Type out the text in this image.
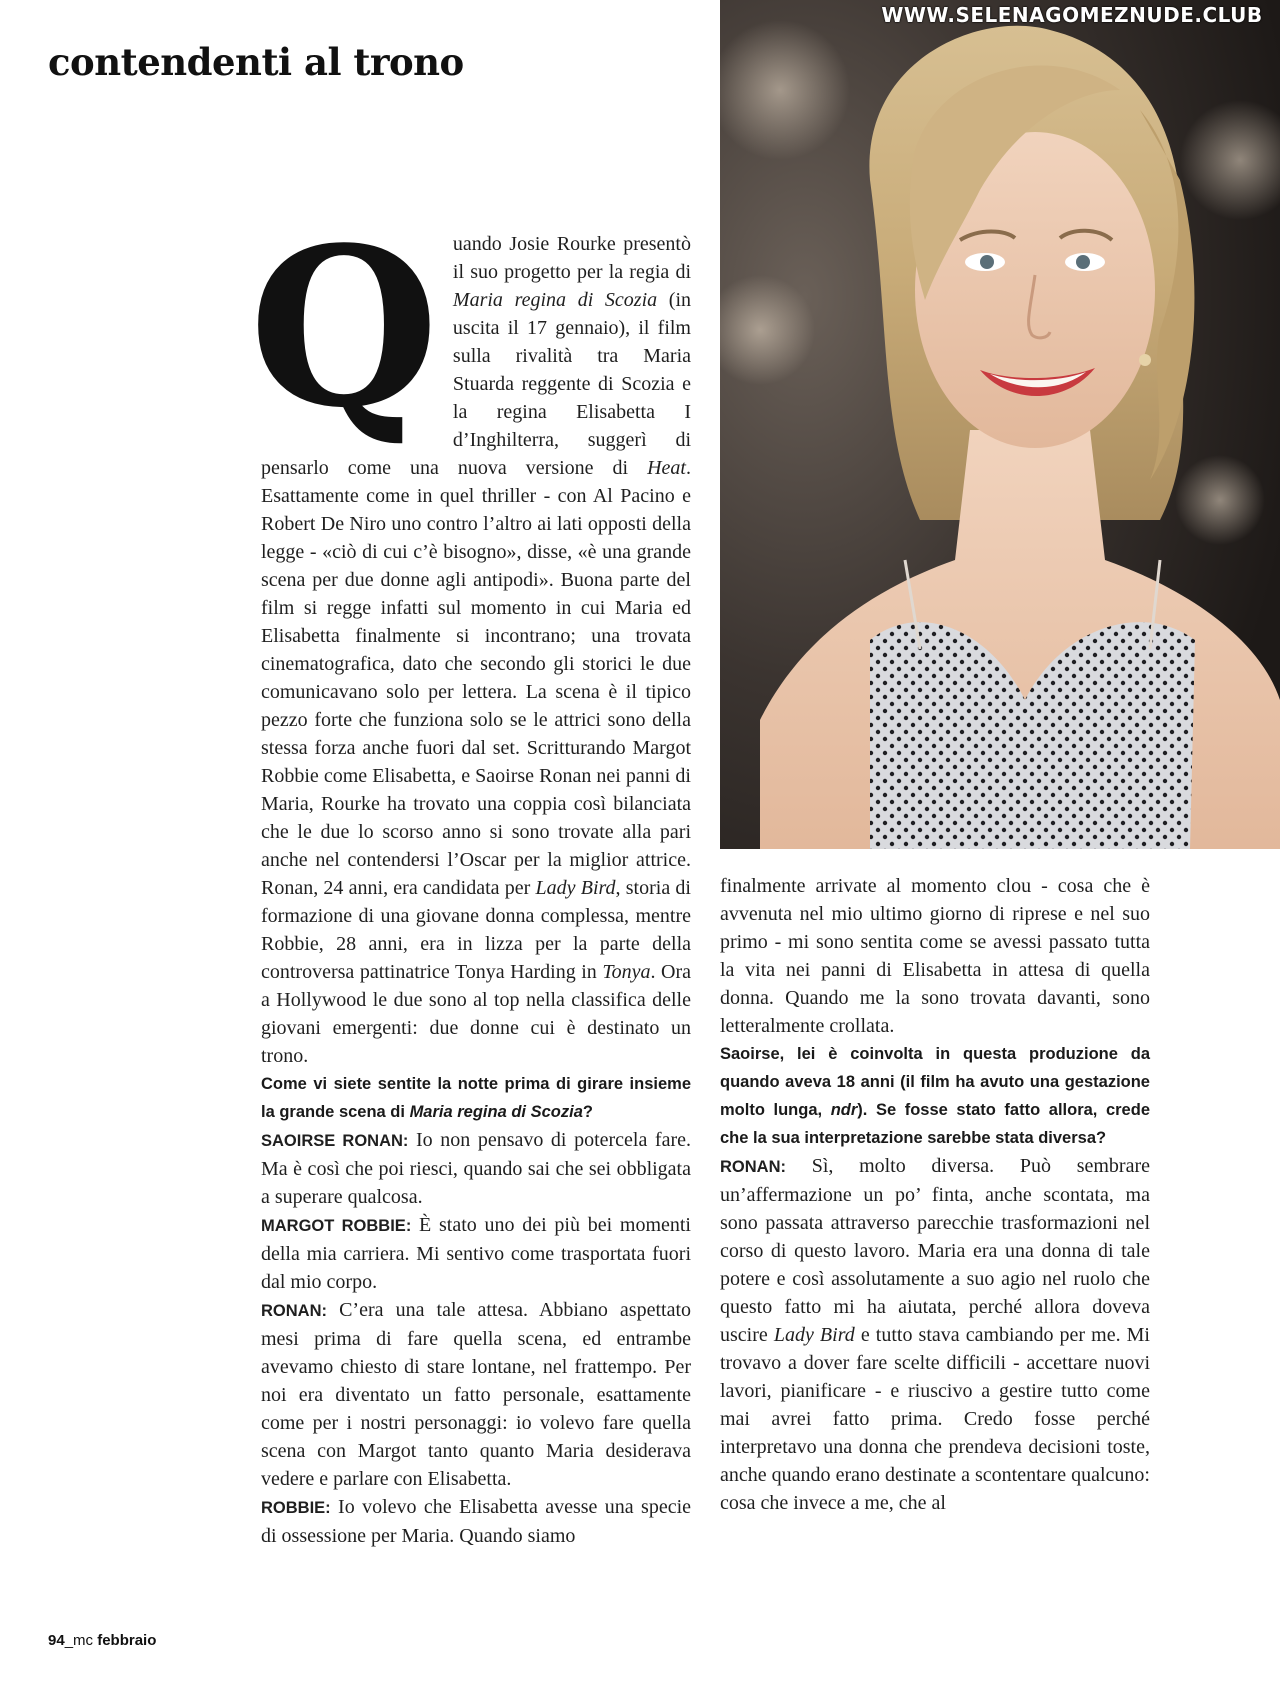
contendenti al trono
WWW.SELENAGOMEZNUDE.CLUB
Q uando Josie Rourke presentò il suo progetto per la regia di Maria regina di Scozia (in uscita il 17 gennaio), il film sulla rivalità tra Maria Stuarda reggente di Scozia e la regina Elisabetta I d’Inghilterra, suggerì di pensarlo come una nuova versione di Heat. Esattamente come in quel thriller - con Al Pacino e Robert De Niro uno contro l’altro ai lati opposti della legge - «ciò di cui c’è bisogno», disse, «è una grande scena per due donne agli antipodi». Buona parte del film si regge infatti sul momento in cui Maria ed Elisabetta finalmente si incontrano; una trovata cinematografica, dato che secondo gli storici le due comunicavano solo per lettera. La scena è il tipico pezzo forte che funziona solo se le attrici sono della stessa forza anche fuori dal set. Scritturando Margot Robbie come Elisabetta, e Saoirse Ronan nei panni di Maria, Rourke ha trovato una coppia così bilanciata che le due lo scorso anno si sono trovate alla pari anche nel contendersi l’Oscar per la miglior attrice. Ronan, 24 anni, era candidata per Lady Bird, storia di formazione di una giovane donna complessa, mentre Robbie, 28 anni, era in lizza per la parte della controversa pattinatrice Tonya Harding in Tonya. Ora a Hollywood le due sono al top nella classifica delle giovani emergenti: due donne cui è destinato un trono.

Come vi siete sentite la notte prima di girare insieme la grande scena di Maria regina di Scozia?

SAOIRSE RONAN: Io non pensavo di potercela fare. Ma è così che poi riesci, quando sai che sei obbligata a superare qualcosa.

MARGOT ROBBIE: È stato uno dei più bei momenti della mia carriera. Mi sentivo come trasportata fuori dal mio corpo.

RONAN: C’era una tale attesa. Abbiano aspettato mesi prima di fare quella scena, ed entrambe avevamo chiesto di stare lontane, nel frattempo. Per noi era diventato un fatto personale, esattamente come per i nostri personaggi: io volevo fare quella scena con Margot tanto quanto Maria desiderava vedere e parlare con Elisabetta.

ROBBIE: Io volevo che Elisabetta avesse una specie di ossessione per Maria. Quando siamo

finalmente arrivate al momento clou - cosa che è avvenuta nel mio ultimo giorno di riprese e nel suo primo - mi sono sentita come se avessi passato tutta la vita nei panni di Elisabetta in attesa di quella donna. Quando me la sono trovata davanti, sono letteralmente crollata.

Saoirse, lei è coinvolta in questa produzione da quando aveva 18 anni (il film ha avuto una gestazione molto lunga, ndr). Se fosse stato fatto allora, crede che la sua interpretazione sarebbe stata diversa?

RONAN: Sì, molto diversa. Può sembrare un’affermazione un po’ finta, anche scontata, ma sono passata attraverso parecchie trasformazioni nel corso di questo lavoro. Maria era una donna di tale potere e così assolutamente a suo agio nel ruolo che questo fatto mi ha aiutata, perché allora doveva uscire Lady Bird e tutto stava cambiando per me. Mi trovavo a dover fare scelte difficili - accettare nuovi lavori, pianificare - e riuscivo a gestire tutto come mai avrei fatto prima. Credo fosse perché interpretavo una donna che prendeva decisioni toste, anche quando erano destinate a scontentare qualcuno: cosa che invece a me, che al

94_mc febbraio
